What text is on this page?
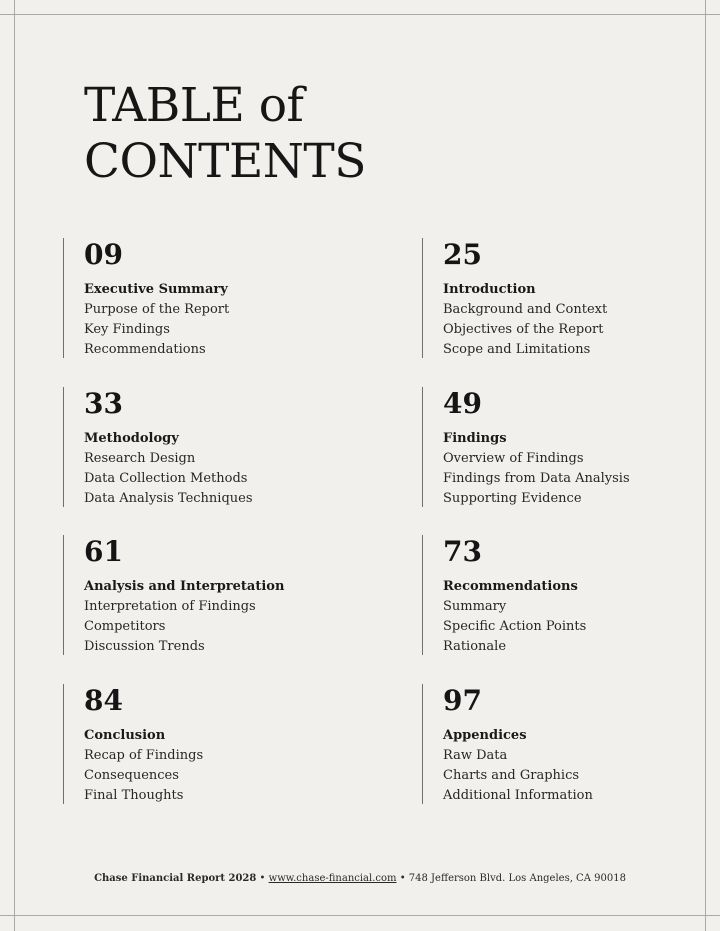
TABLE of
CONTENTS
09
Executive Summary
Purpose of the Report
Key Findings
Recommendations
25
Introduction
Background and Context
Objectives of the Report
Scope and Limitations
33
Methodology
Research Design
Data Collection Methods
Data Analysis Techniques
49
Findings
Overview of Findings
Findings from Data Analysis
Supporting Evidence
61
Analysis and Interpretation
Interpretation of Findings
Competitors
Discussion Trends
73
Recommendations
Summary
Specific Action Points
Rationale
84
Conclusion
Recap of Findings
Consequences
Final Thoughts
97
Appendices
Raw Data
Charts and Graphics
Additional Information
Chase Financial Report 2028 • www.chase-financial.com • 748 Jefferson Blvd. Los Angeles, CA 90018
